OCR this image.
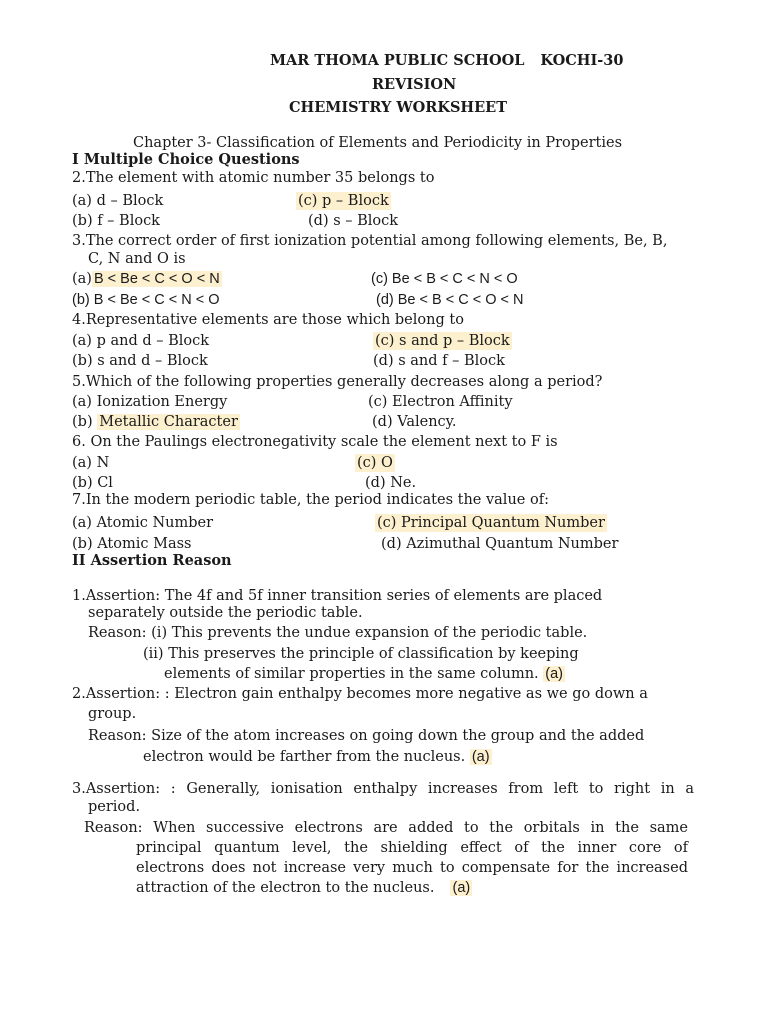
MAR THOMA PUBLIC SCHOOL KOCHI-30
REVISION
CHEMISTRY WORKSHEET
Chapter 3- Classification of Elements and Periodicity in Properties
I Multiple Choice Questions
2.The element with atomic number 35 belongs to
(a) d – Block	(c) p – Block
(b) f – Block	(d) s – Block
3.The correct order of first ionization potential among following elements, Be, B,
C, N and O is
(a) B < Be < C < O < N	(c) Be < B < C < N < O
(b) B < Be < C < N < O	(d) Be < B < C < O < N
4.Representative elements are those which belong to
(a) p and d – Block	(c) s and p – Block
(b) s and d – Block	(d) s and f – Block
5.Which of the following properties generally decreases along a period?
(a) Ionization Energy	(c) Electron Affinity
(b) Metallic Character	(d) Valency.
6. On the Paulings electronegativity scale the element next to F is
(a) N	(c) O
(b) Cl	(d) Ne.
7.In the modern periodic table, the period indicates the value of:
(a) Atomic Number	(c) Principal Quantum Number
(b) Atomic Mass	(d) Azimuthal Quantum Number
II Assertion Reason
1.Assertion: The 4f and 5f inner transition series of elements are placed
separately outside the periodic table.
Reason: (i) This prevents the undue expansion of the periodic table.
(ii) This preserves the principle of classification by keeping
elements of similar properties in the same column. (a)
2.Assertion: : Electron gain enthalpy becomes more negative as we go down a
group.
Reason: Size of the atom increases on going down the group and the added
electron would be farther from the nucleus. (a)
3.Assertion: : Generally, ionisation enthalpy increases from left to right in a
period.
Reason: When successive electrons are added to the orbitals in the same
principal quantum level, the shielding effect of the inner core of
electrons does not increase very much to compensate for the increased
attraction of the electron to the nucleus. (a)
